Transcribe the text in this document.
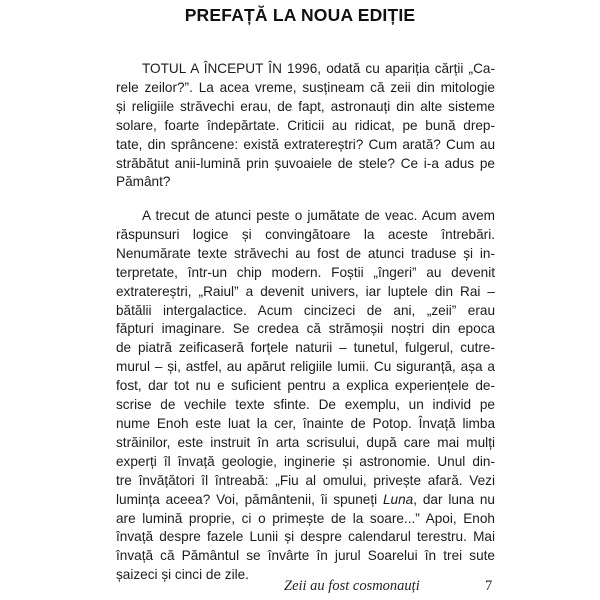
PREFAȚĂ LA NOUA EDIȚIE
TOTUL A ÎNCEPUT ÎN 1996, odată cu apariția cărții „Ca-
rele zeilor?”. La acea vreme, susțineam că zeii din mitologie
și religiile străvechi erau, de fapt, astronauți din alte sisteme
solare, foarte îndepărtate. Criticii au ridicat, pe bună drep-
tate, din sprâncene: există extratereștri? Cum arată? Cum au
străbătut anii-lumină prin șuvoaiele de stele? Ce i-a adus pe
Pământ?
A trecut de atunci peste o jumătate de veac. Acum avem
răspunsuri logice și convingătoare la aceste întrebări.
Nenumărate texte străvechi au fost de atunci traduse și in-
terpretate, într-un chip modern. Foștii „îngeri” au devenit
extratereștri, „Raiul” a devenit univers, iar luptele din Rai –
bătălii intergalactice. Acum cincizeci de ani, „zeii” erau
făpturi imaginare. Se credea că strămoșii noștri din epoca
de piatră zeificaseră forțele naturii – tunetul, fulgerul, cutre-
murul – și, astfel, au apărut religiile lumii. Cu siguranță, așa a
fost, dar tot nu e suficient pentru a explica experiențele de-
scrise de vechile texte sfinte. De exemplu, un individ pe
nume Enoh este luat la cer, înainte de Potop. Învață limba
străinilor, este instruit în arta scrisului, după care mai mulți
experți îl învață geologie, inginerie și astronomie. Unul din-
tre învățători îl întreabă: „Fiu al omului, privește afară. Vezi
lumința aceea? Voi, pământenii, îi spuneți Luna, dar luna nu
are lumină proprie, ci o primește de la soare...” Apoi, Enoh
învață despre fazele Lunii și despre calendarul terestru. Mai
învață că Pământul se învârte în jurul Soarelui în trei sute
șaizeci și cinci de zile.
Zeii au fost cosmonauți	7
